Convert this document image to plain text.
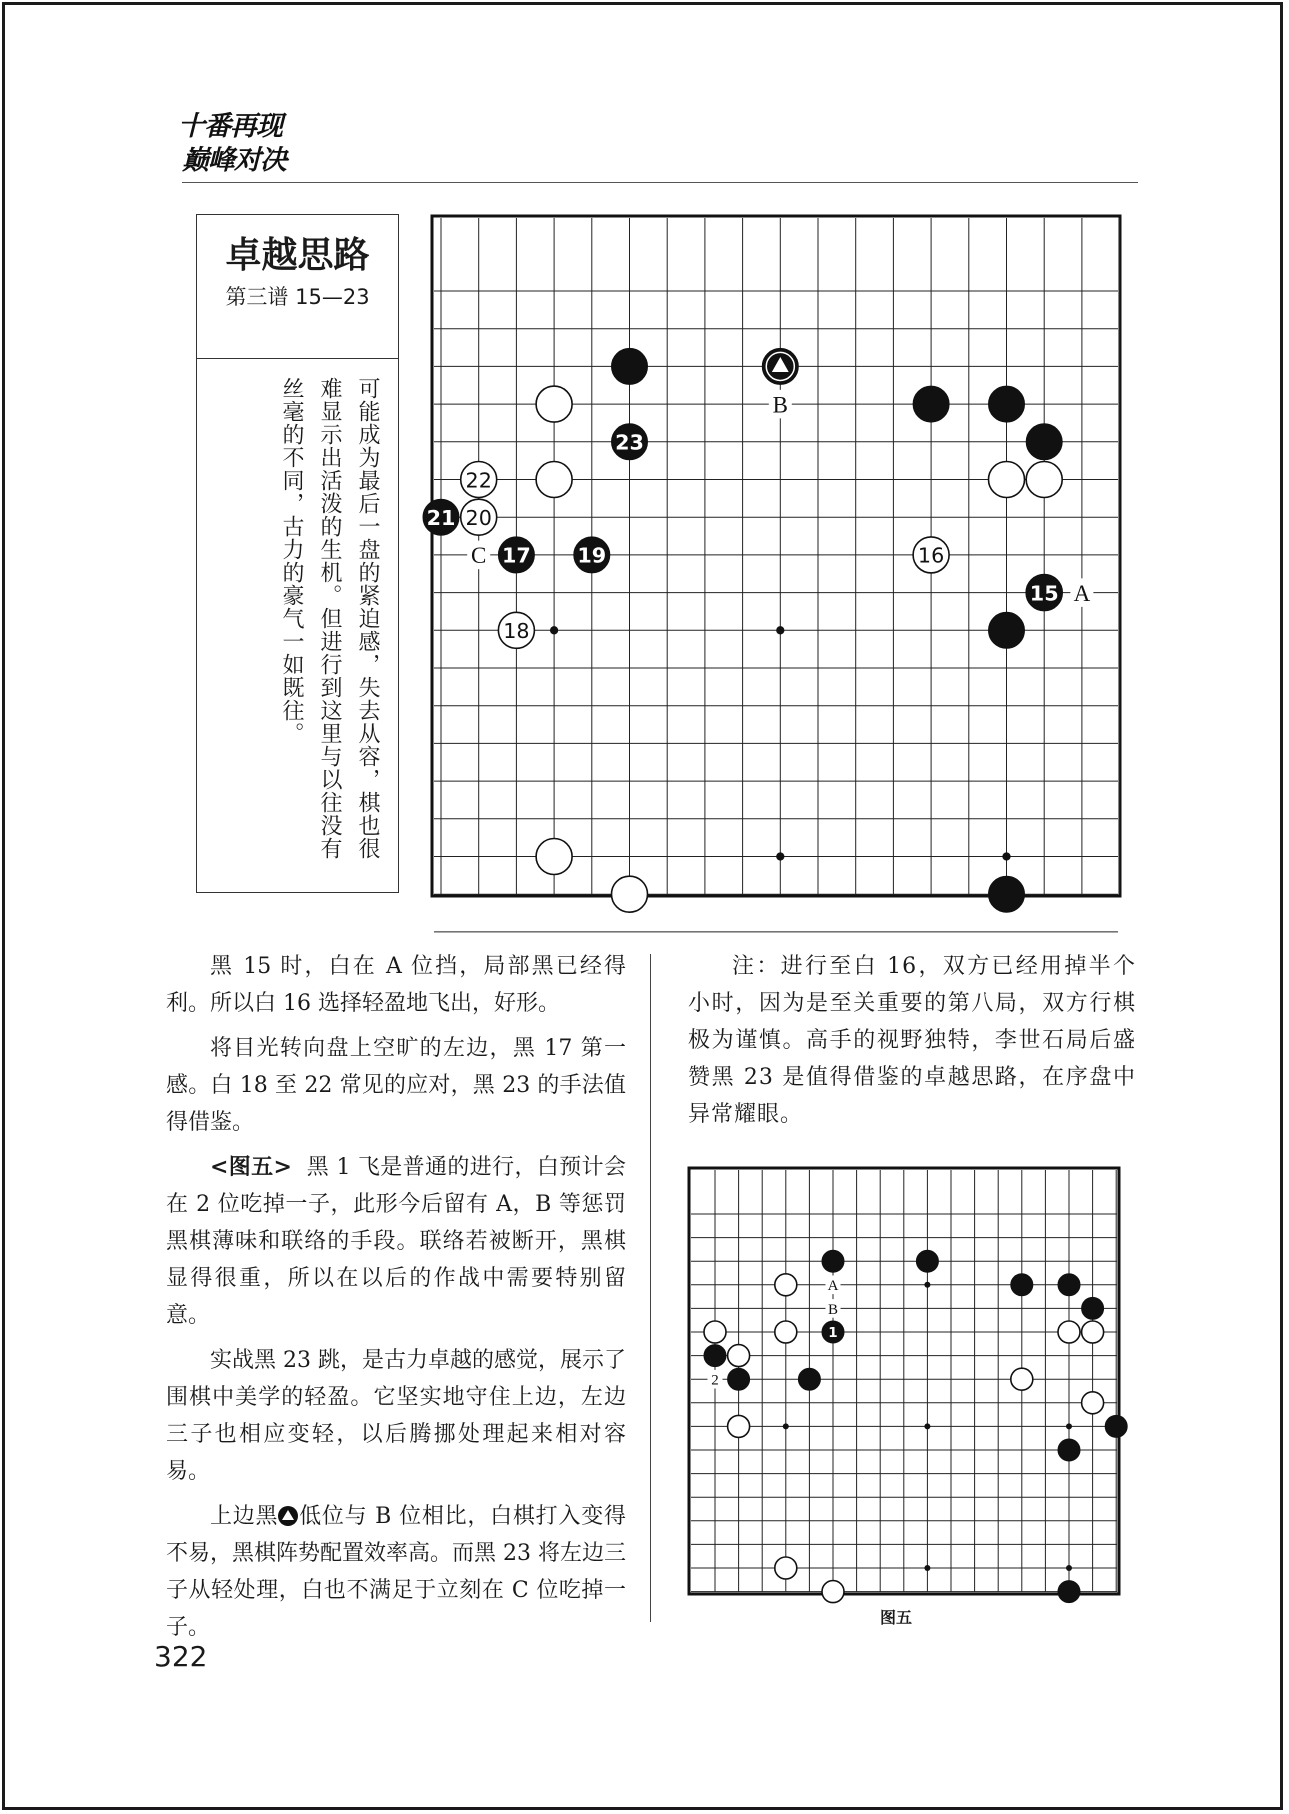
十番再现
巅峰对决
卓越思路
第三谱 15—23
可能成为最后一盘的紧迫感，失去从容，棋也很难显示出活泼的生机。但进行到这里与以往没有丝毫的不同，古力的豪气一如既往。	B
C
A
22
20
16
18
23
21
17 19
15
A
B
2
1

黑 15 时，白在 A 位挡，局部黑已经得利。所以白 16 选择轻盈地飞出，好形。

将目光转向盘上空旷的左边，黑 17 第一感。白 18 至 22 常见的应对，黑 23 的手法值得借鉴。

<图五> 黑 1 飞是普通的进行，白预计会在 2 位吃掉一子，此形今后留有 A，B 等惩罚黑棋薄味和联络的手段。联络若被断开，黑棋显得很重，所以在以后的作战中需要特别留意。

实战黑 23 跳，是古力卓越的感觉，展示了围棋中美学的轻盈。它坚实地守住上边，左边三子也相应变轻，以后腾挪处理起来相对容易。

上边黑 低位与 B 位相比，白棋打入变得不易，黑棋阵势配置效率高。而黑 23 将左边三子从轻处理，白也不满足于立刻在 C 位吃掉一子。

注：进行至白 16，双方已经用掉半个小时，因为是至关重要的第八局，双方行棋极为谨慎。高手的视野独特，李世石局后盛赞黑 23 是值得借鉴的卓越思路，在序盘中异常耀眼。

图五
322
